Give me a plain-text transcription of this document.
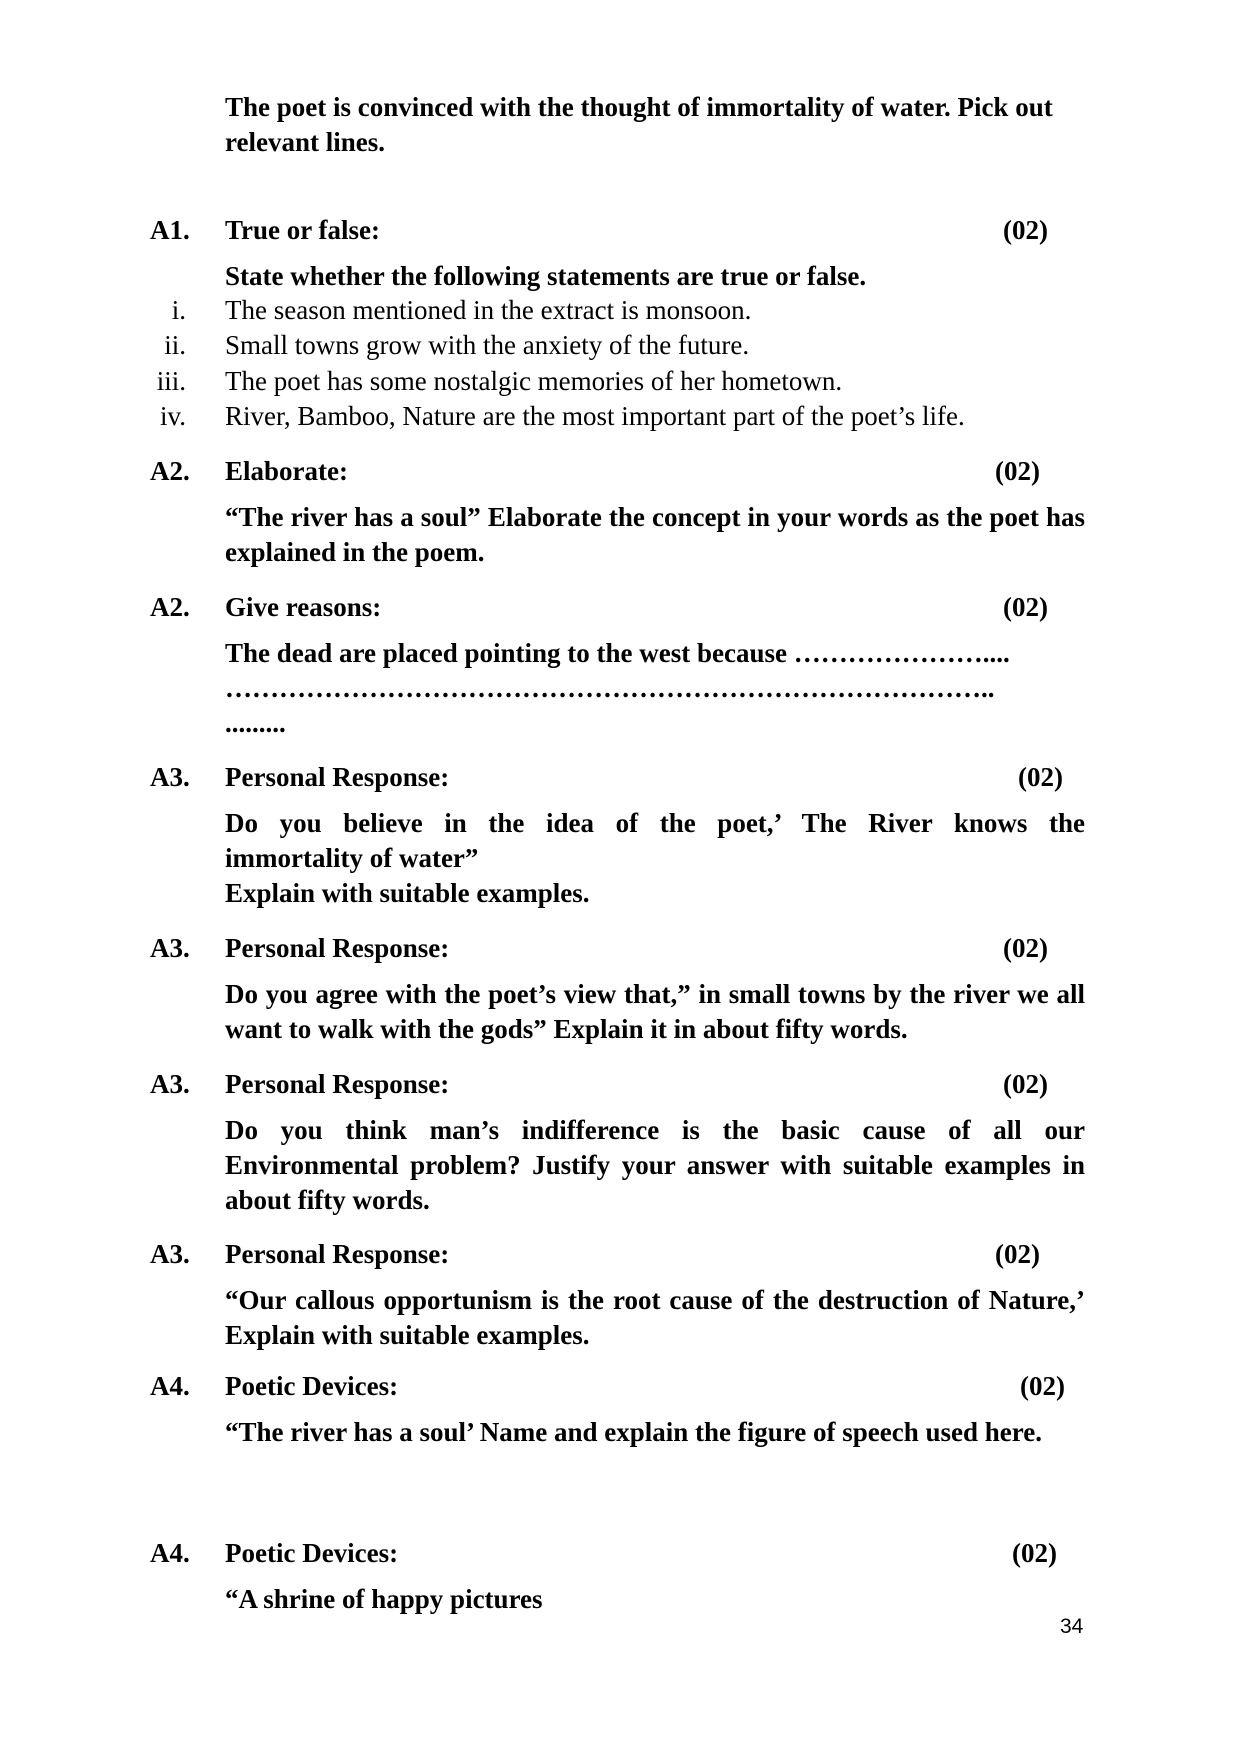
The poet is convinced with the thought of immortality of water. Pick out relevant lines.
A1. True or false:	(02)
State whether the following statements are true or false.
i. The season mentioned in the extract is monsoon.
ii. Small towns grow with the anxiety of the future.
iii. The poet has some nostalgic memories of her hometown.
iv. River, Bamboo, Nature are the most important part of the poet’s life.
A2. Elaborate:	(02)
“The river has a soul” Elaborate the concept in your words as the poet has explained in the poem.
A2. Give reasons:	(02)
The dead are placed pointing to the west because …………………....
…………………………………………………………………………..
.........
A3. Personal Response:	(02)
Do you believe in the idea of the poet,’ The River knows the
immortality of water”
Explain with suitable examples.
A3. Personal Response:	(02)
Do you agree with the poet’s view that,” in small towns by the river we all want to walk with the gods” Explain it in about fifty words.
A3. Personal Response:	(02)
Do you think man’s indifference is the basic cause of all our Environmental problem? Justify your answer with suitable examples in about fifty words.
A3. Personal Response:	(02)
“Our callous opportunism is the root cause of the destruction of Nature,’ Explain with suitable examples.
A4. Poetic Devices:	(02)
“The river has a soul’ Name and explain the figure of speech used here.
A4. Poetic Devices:	(02)
“A shrine of happy pictures
34
